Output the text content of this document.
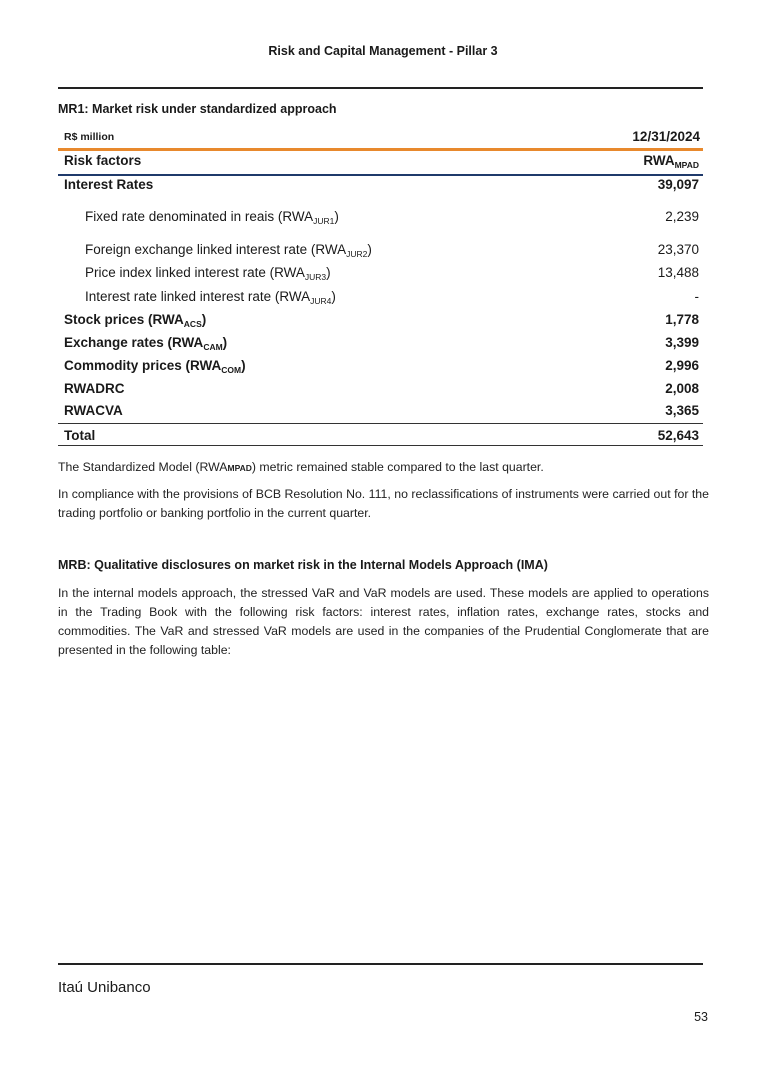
Risk and Capital Management - Pillar 3
MR1: Market risk under standardized approach
R$ million	12/31/2024
Risk factors	$RWA_{MPAD}$
Interest Rates	39,097
Fixed rate denominated in reais $(RWA_{JUR1})$	2,239
Foreign exchange linked interest rate $(RWA_{JUR2})$	23,370
Price index linked interest rate $(RWA_{JUR3})$	13,488
Interest rate linked interest rate $(RWA_{JUR4})$	-
Stock prices $(RWA_{ACS})$	1,778
Exchange rates $(RWA_{CAM})$	3,399
Commodity prices $(RWA_{COM})$	2,996
RWADRC	2,008
RWACVA	3,365
Total	52,643
The Standardized Model (RWAMPAD) metric remained stable compared to the last quarter.
In compliance with the provisions of BCB Resolution No. 111, no reclassifications of instruments were carried out for the trading portfolio or banking portfolio in the current quarter.
MRB: Qualitative disclosures on market risk in the Internal Models Approach (IMA)
In the internal models approach, the stressed VaR and VaR models are used. These models are applied to operations in the Trading Book with the following risk factors: interest rates, inflation rates, exchange rates, stocks and commodities. The VaR and stressed VaR models are used in the companies of the Prudential Conglomerate that are presented in the following table:
Itaú Unibanco
53
